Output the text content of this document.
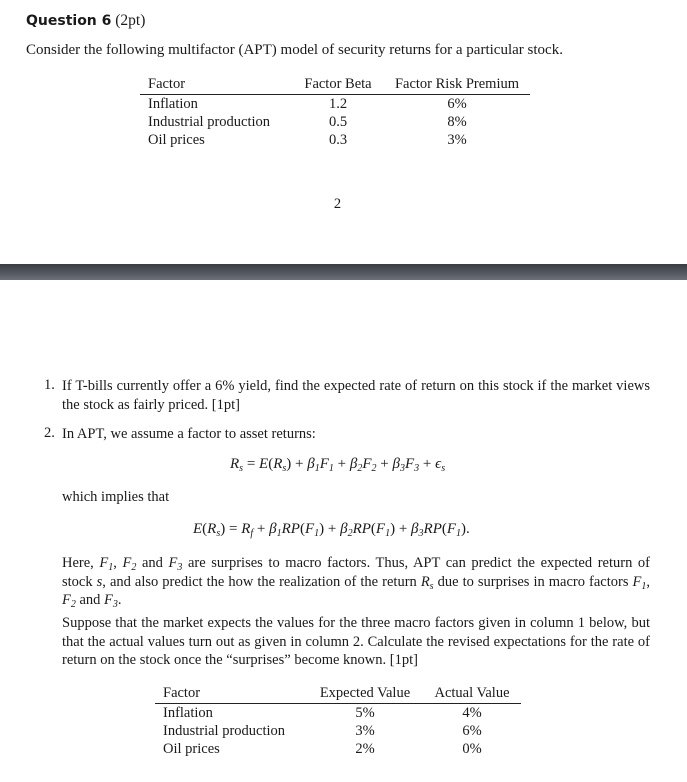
Question 6 (2pt)
Consider the following multifactor (APT) model of security returns for a particular stock.
Factor	Factor Beta	Factor Risk Premium
Inflation	1.2	6%
Industrial production	0.5	8%
Oil prices	0.3	3%
2
1. If T-bills currently offer a 6% yield, find the expected rate of return on this stock if the market views the stock as fairly priced. [1pt]
2. In APT, we assume a factor to asset returns:
$R_s = E(R_s) + \beta_1F_1 + \beta_2F_2 + \beta_3F_3 + \epsilon_s$
which implies that
$E(R_s) = R_f + \beta_1RP(F_1) + \beta_2RP(F_1) + \beta_3RP(F_1)$.
Here, $F_1$, $F_2$ and $F_3$ are surprises to macro factors. Thus, APT can predict the expected return of stock s, and also predict the how the realization of the return $R_s$ due to surprises in macro factors $F_1$, $F_2$ and $F_3$.
Suppose that the market expects the values for the three macro factors given in column 1 below, but that the actual values turn out as given in column 2. Calculate the revised expectations for the rate of return on the stock once the “surprises” become known. [1pt]
Factor	Expected Value	Actual Value
Inflation	5%	4%
Industrial production	3%	6%
Oil prices	2%	0%
